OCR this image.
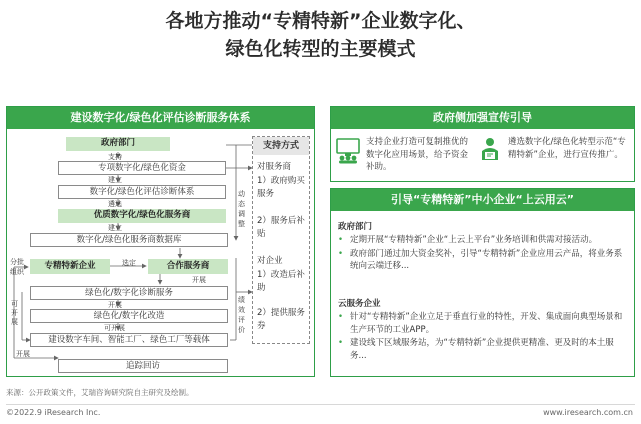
各地方推动“专精特新”企业数字化、
绿色化转型的主要模式
建设数字化/绿色化评估诊断服务体系
政府部门
支持
专项数字化/绿色化资金
建立
数字化/绿色化评估诊断体系
遴选
优质数字化/绿色化服务商
建立
数字化/绿色化服务商数据库
分批
组织
专精特新企业	选定	合作服务商
开展
绿色化/数字化诊断服务
可
开
展
开展
绿色化/数字化改造
可开展
建设数字车间、智能工厂、绿色工厂等载体
开展
追踪回访
动
态
调
整
绩
效
评
价
支持方式
对服务商
1）政府购买服务
2）服务后补贴
对企业
1）改造后补助
2）提供服务券
政府侧加强宣传引导
支持企业打造可复制推优的数字化应用场景，给予资金补助。
遴选数字化/绿色化转型示范“专精特新”企业，进行宣传推广。
引导“专精特新”中小企业“上云用云”
政府部门
• 定期开展“专精特新”企业“上云上平台”业务培训和供需对接活动。
• 政府部门通过加大资金奖补，引导“专精特新”企业应用云产品，将业务系统向云端迁移...
云服务企业
• 针对“专精特新”企业立足于垂直行业的特性，开发、集成面向典型场景和生产环节的工业APP。
• 建设线下区域服务站，为“专精特新”企业提供更精准、更及时的本土服务...
来源：公开政策文件，艾瑞咨询研究院自主研究及绘制。
©2022.9 iResearch Inc.	www.iresearch.com.cn
